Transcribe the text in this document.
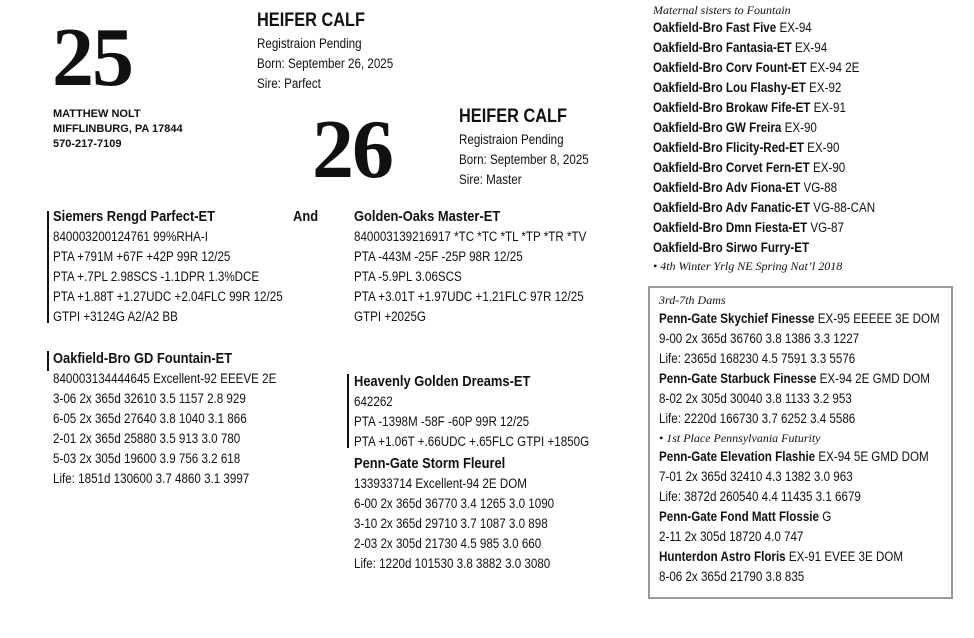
25	HEIFER CALF
Registraion Pending
Born: September 26, 2025
Sire: Parfect
MATTHEW NOLT
MIFFLINBURG, PA 17844
570-217-7109 26	HEIFER CALF
Registraion Pending
Born: September 8, 2025
Sire: Master
Siemers Rengd Parfect-ET
840003200124761 99%RHA-I
PTA +791M +67F +42P 99R 12/25
PTA +.7PL 2.98SCS -1.1DPR 1.3%DCE
PTA +1.88T +1.27UDC +2.04FLC 99R 12/25
GTPI +3124G A2/A2 BB
And
Oakfield-Bro GD Fountain-ET
840003134444645 Excellent-92 EEEVE 2E
3-06 2x 365d 32610 3.5 1157 2.8 929
6-05 2x 365d 27640 3.8 1040 3.1 866
2-01 2x 365d 25880 3.5 913 3.0 780
5-03 2x 305d 19600 3.9 756 3.2 618
Life: 1851d 130600 3.7 4860 3.1 3997
Golden-Oaks Master-ET
840003139216917 *TC *TC *TL *TP *TR *TV
PTA -443M -25F -25P 98R 12/25
PTA -5.9PL 3.06SCS
PTA +3.01T +1.97UDC +1.21FLC 97R 12/25
GTPI +2025G
Heavenly Golden Dreams-ET
642262
PTA -1398M -58F -60P 99R 12/25
PTA +1.06T +.66UDC +.65FLC GTPI +1850G
Penn-Gate Storm Fleurel
133933714 Excellent-94 2E DOM
6-00 2x 365d 36770 3.4 1265 3.0 1090
3-10 2x 365d 29710 3.7 1087 3.0 898
2-03 2x 305d 21730 4.5 985 3.0 660
Life: 1220d 101530 3.8 3882 3.0 3080
Maternal sisters to Fountain
Oakfield-Bro Fast Five EX-94
Oakfield-Bro Fantasia-ET EX-94
Oakfield-Bro Corv Fount-ET EX-94 2E
Oakfield-Bro Lou Flashy-ET EX-92
Oakfield-Bro Brokaw Fife-ET EX-91
Oakfield-Bro GW Freira EX-90
Oakfield-Bro Flicity-Red-ET EX-90
Oakfield-Bro Corvet Fern-ET EX-90
Oakfield-Bro Adv Fiona-ET VG-88
Oakfield-Bro Adv Fanatic-ET VG-88-CAN
Oakfield-Bro Dmn Fiesta-ET VG-87
Oakfield-Bro Sirwo Furry-ET
• 4th Winter Yrlg NE Spring Nat’l 2018
3rd-7th Dams
Penn-Gate Skychief Finesse EX-95 EEEEE 3E DOM
9-00 2x 365d 36760 3.8 1386 3.3 1227
Life: 2365d 168230 4.5 7591 3.3 5576
Penn-Gate Starbuck Finesse EX-94 2E GMD DOM
8-02 2x 305d 30040 3.8 1133 3.2 953
Life: 2220d 166730 3.7 6252 3.4 5586
• 1st Place Pennsylvania Futurity
Penn-Gate Elevation Flashie EX-94 5E GMD DOM
7-01 2x 365d 32410 4.3 1382 3.0 963
Life: 3872d 260540 4.4 11435 3.1 6679
Penn-Gate Fond Matt Flossie G
2-11 2x 305d 18720 4.0 747
Hunterdon Astro Floris EX-91 EVEE 3E DOM
8-06 2x 365d 21790 3.8 835
